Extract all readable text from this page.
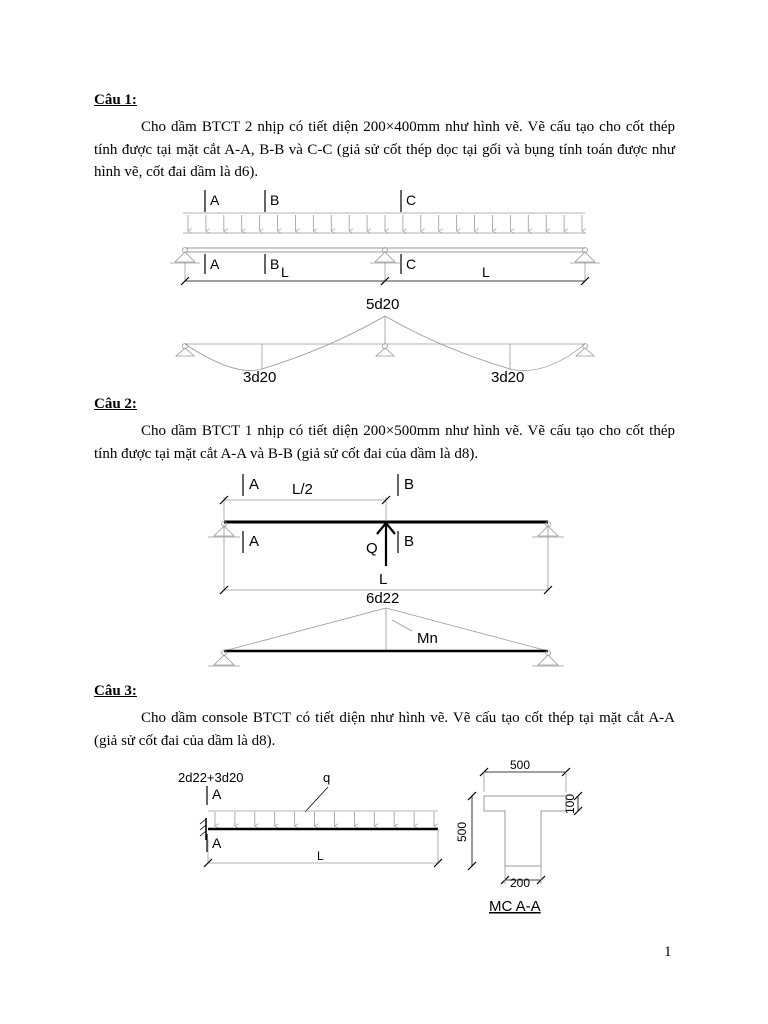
Câu 1:

Cho dầm BTCT 2 nhịp có tiết diện 200×400mm như hình vẽ. Vẽ cấu tạo cho cốt thép tính được tại mặt cắt A-A, B-B và C-C (giả sử cốt thép dọc tại gối và bụng tính toán được như hình vẽ, cốt đai dầm là d6).

Câu 2:

Cho dầm BTCT 1 nhịp có tiết diện 200×500mm như hình vẽ. Vẽ cấu tạo cho cốt thép tính được tại mặt cắt A-A và B-B (giả sử cốt đai của dầm là d8).

Câu 3:

Cho dầm console BTCT có tiết diện như hình vẽ. Vẽ cấu tạo cốt thép tại mặt cắt A-A (giả sử cốt đai của dầm là d8).

1
A	B	C
A	B	C
L	L
5d20
3d20	3d20
A	B
A	B
L/2
Q
L
6d22
Mn
2d22+3d20	q
A
A
L
500
100
500
200
MC A-A
